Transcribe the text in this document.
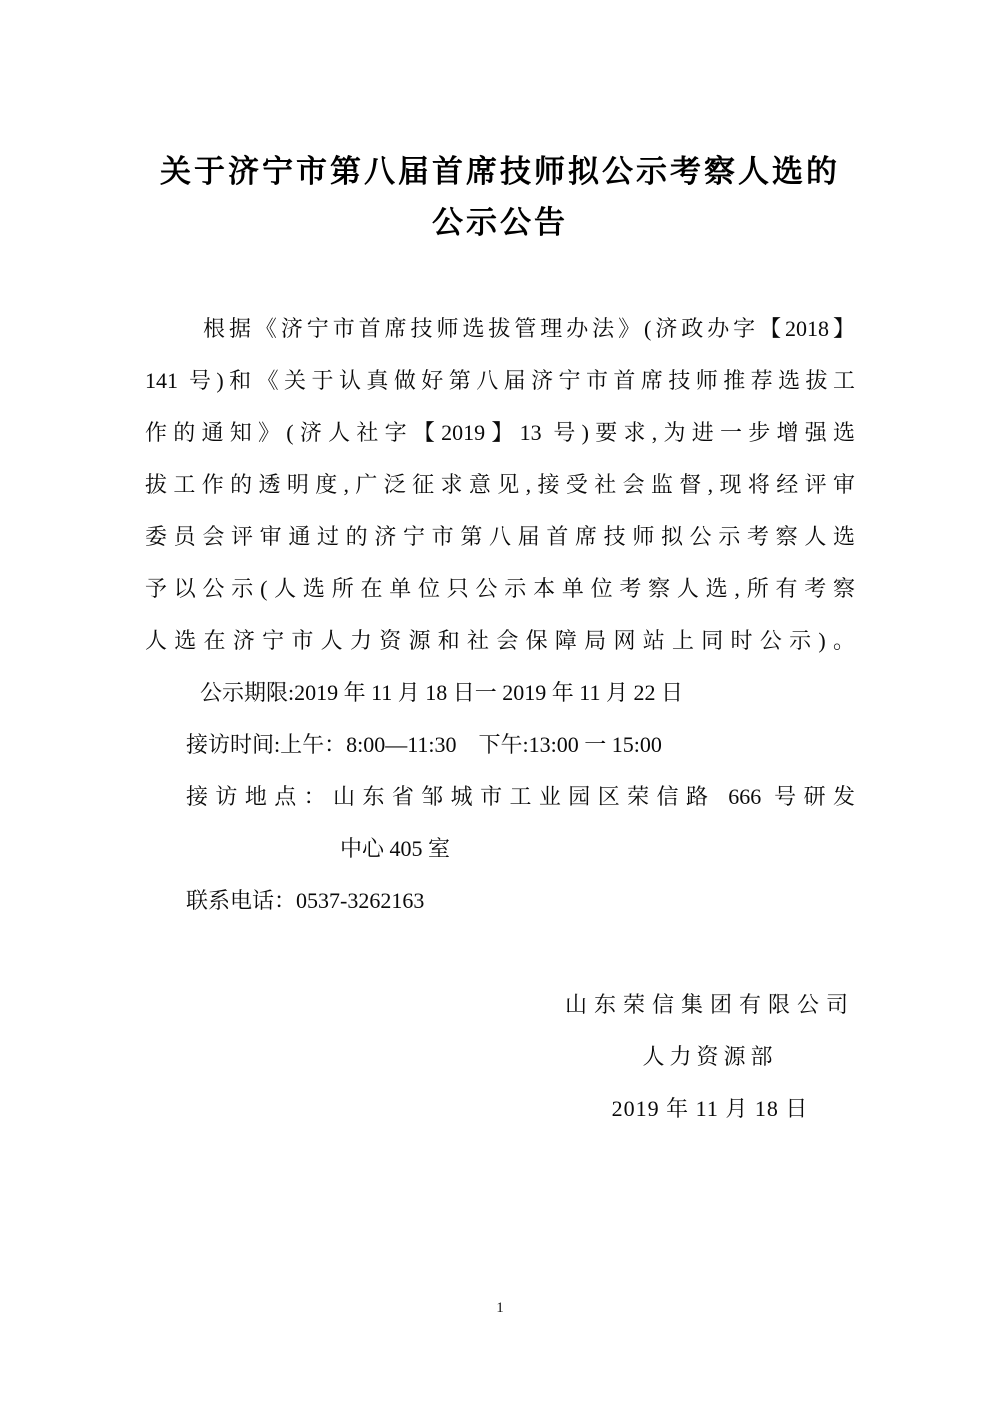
关于济宁市第八届首席技师拟公示考察人选的
公示公告
根据《济宁市首席技师选拔管理办法》(济政办字【2018】
141 号)和《关于认真做好第八届济宁市首席技师推荐选拔工
作的通知》(济人社字【2019】13 号)要求,为进一步增强选
拔工作的透明度,广泛征求意见,接受社会监督,现将经评审
委员会评审通过的济宁市第八届首席技师拟公示考察人选
予以公示(人选所在单位只公示本单位考察人选,所有考察
人选在济宁市人力资源和社会保障局网站上同时公示)。
公示期限:2019 年 11 月 18 日一 2019 年 11 月 22 日
接访时间:上午：8:00—11:30　下午:13:00 一 15:00
接访地点：山东省邹城市工业园区荣信路 666 号研发
中心 405 室
联系电话：0537-3262163
山东荣信集团有限公司
人力资源部
2019 年 11 月 18 日
1
